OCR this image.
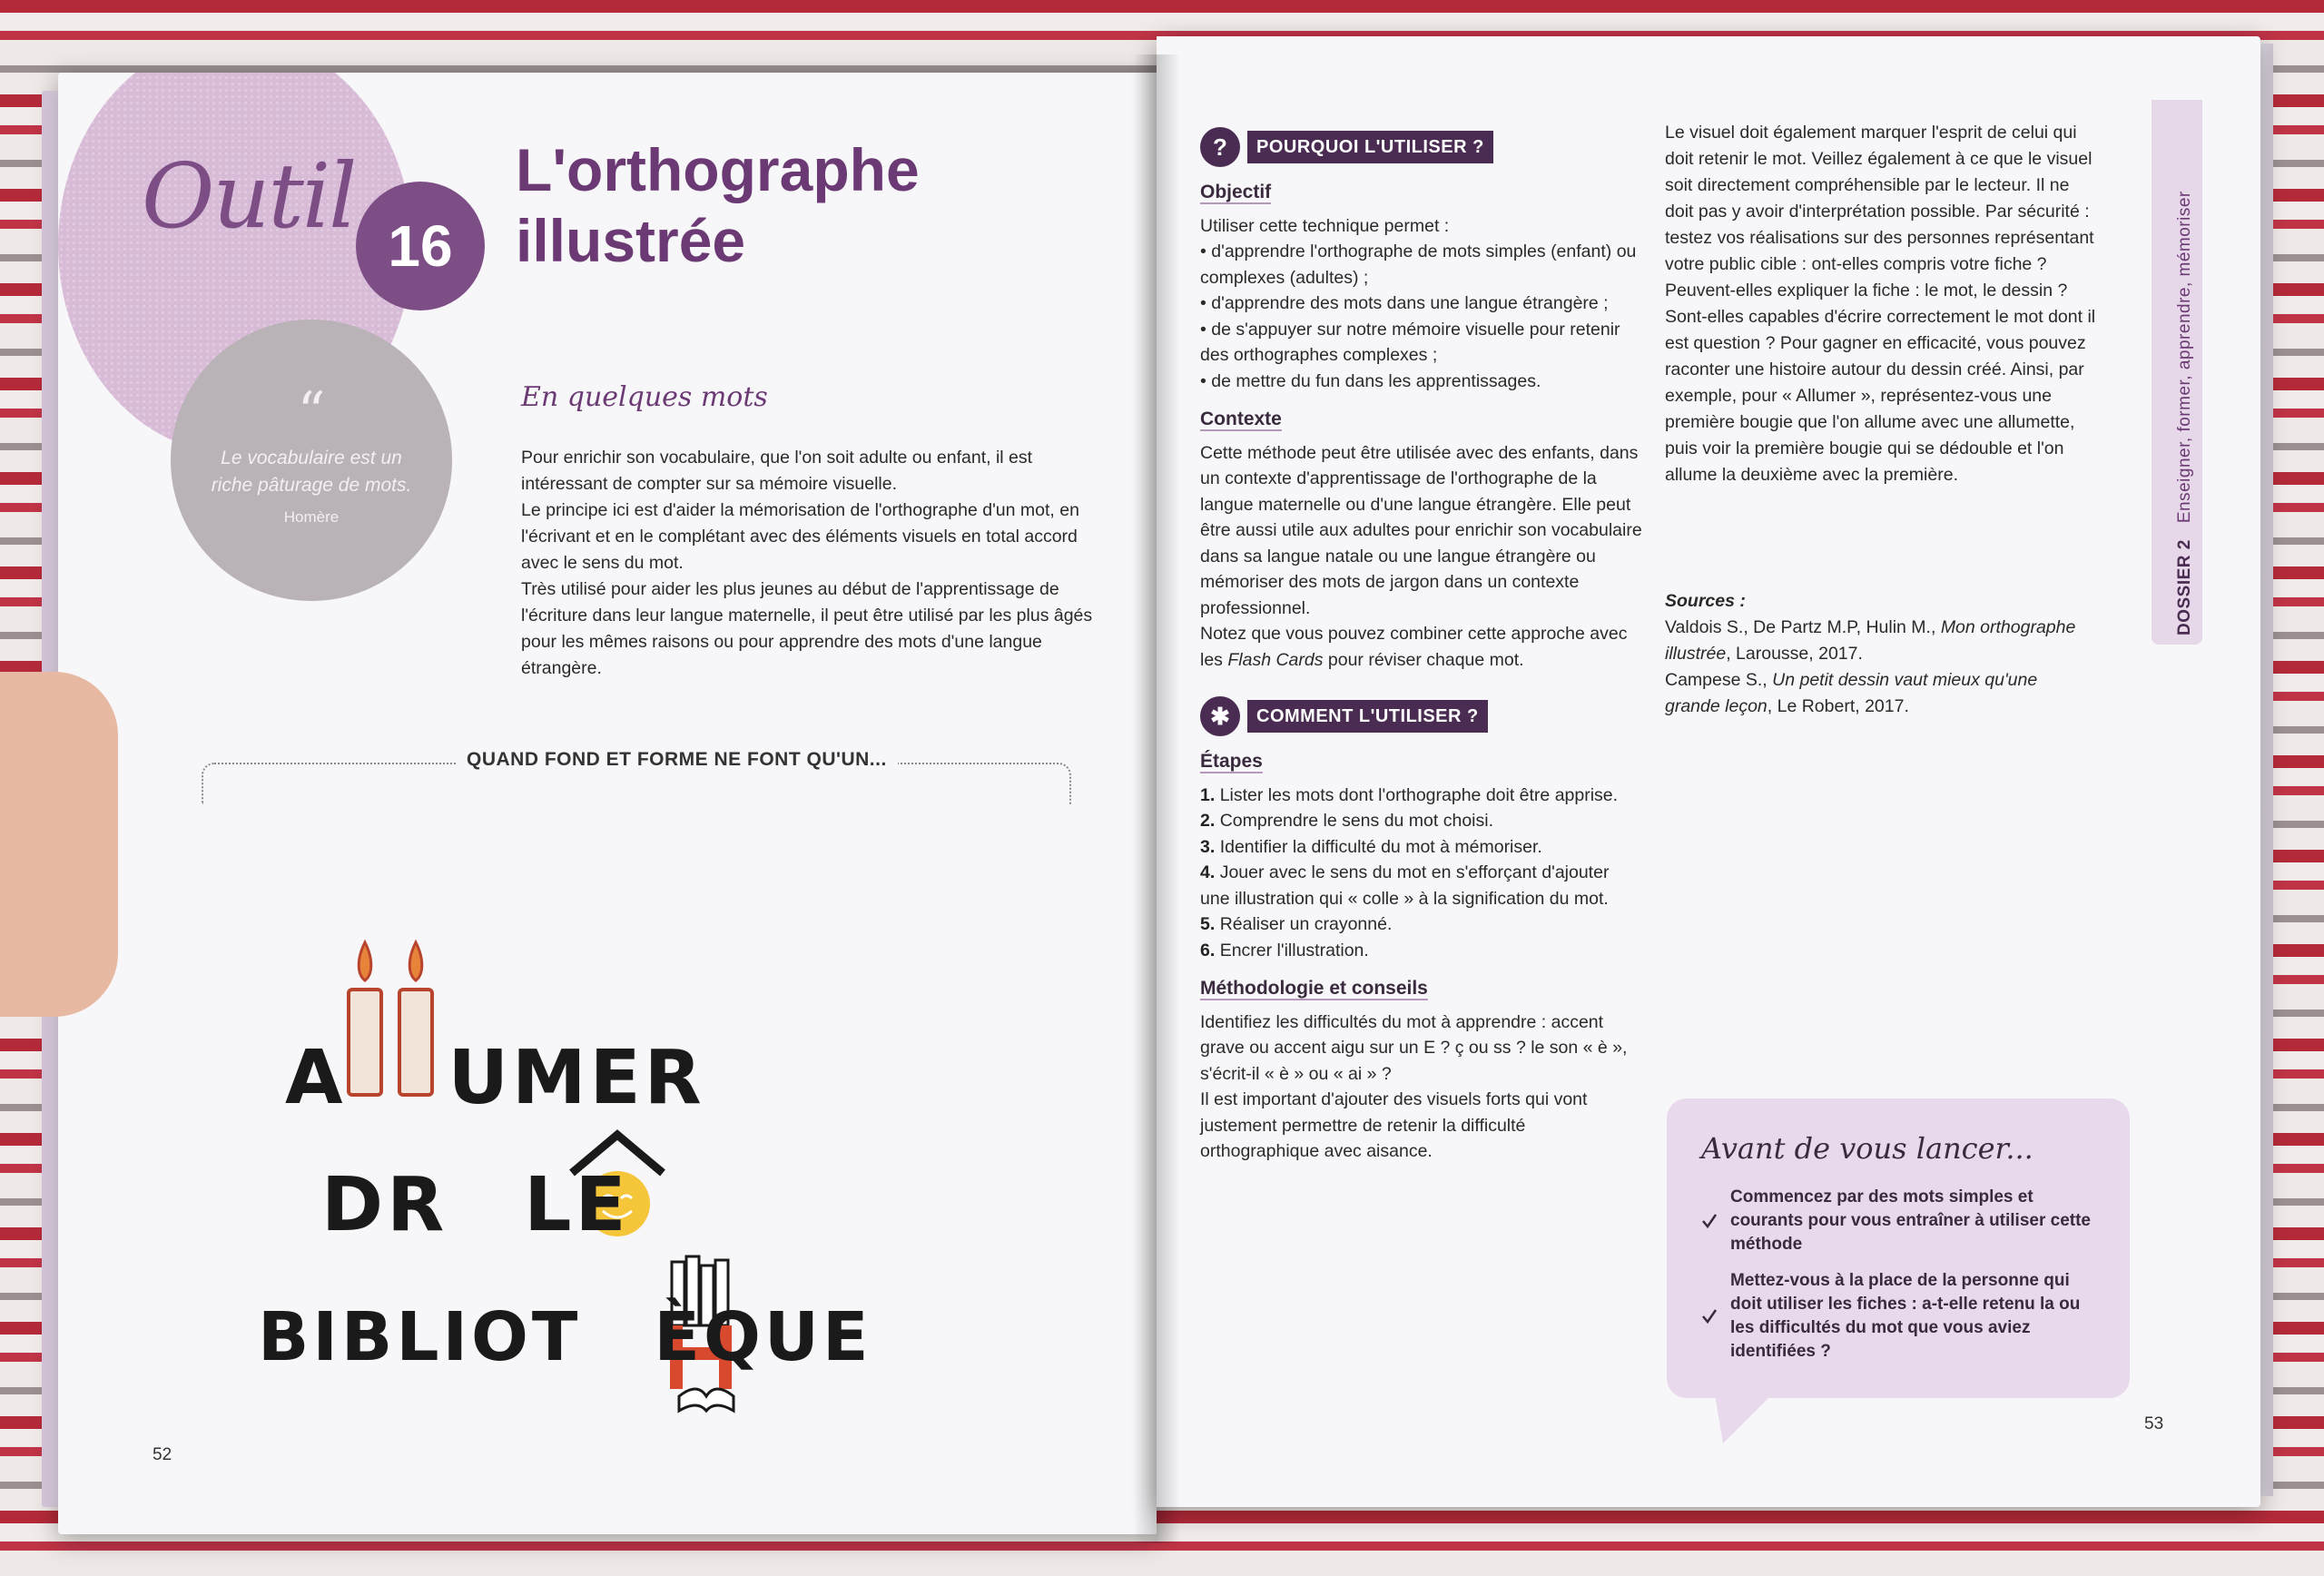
Outil 16
L'orthographe
illustrée
“
Le vocabulaire est un riche pâturage de mots.
Homère
En quelques mots

Pour enrichir son vocabulaire, que l'on soit adulte ou enfant, il est intéressant de compter sur sa mémoire visuelle.

Le principe ici est d'aider la mémorisation de l'orthographe d'un mot, en l'écrivant et en le complétant avec des éléments visuels en total accord avec le sens du mot.

Très utilisé pour aider les plus jeunes au début de l'apprentissage de l'écriture dans leur langue maternelle, il peut être utilisé par les plus âgés pour les mêmes raisons ou pour apprendre des mots d'une langue étrangère.

QUAND FOND ET FORME NE FONT QU'UN...
A UMER
DR LE
BIBLIOT ÈQUE
52
?	POURQUOI L'UTILISER ?
Objectif

Utiliser cette technique permet :

• d'apprendre l'orthographe de mots simples (enfant) ou complexes (adultes) ;

• d'apprendre des mots dans une langue étrangère ;

• de s'appuyer sur notre mémoire visuelle pour retenir des orthographes complexes ;

• de mettre du fun dans les apprentissages.

Contexte

Cette méthode peut être utilisée avec des enfants, dans un contexte d'apprentissage de l'orthographe de la langue maternelle ou d'une langue étrangère. Elle peut être aussi utile aux adultes pour enrichir son vocabulaire dans sa langue natale ou une langue étrangère ou mémoriser des mots de jargon dans un contexte professionnel.

Notez que vous pouvez combiner cette approche avec les Flash Cards pour réviser chaque mot.

✱	COMMENT L'UTILISER ?
Étapes

1. Lister les mots dont l'orthographe doit être apprise.

2. Comprendre le sens du mot choisi.

3. Identifier la difficulté du mot à mémoriser.

4. Jouer avec le sens du mot en s'efforçant d'ajouter une illustration qui « colle » à la signification du mot.

5. Réaliser un crayonné.

6. Encrer l'illustration.

Méthodologie et conseils

Identifiez les difficultés du mot à apprendre : accent grave ou accent aigu sur un E ? ç ou ss ? le son « è », s'écrit-il « è » ou « ai » ?

Il est important d'ajouter des visuels forts qui vont justement permettre de retenir la difficulté orthographique avec aisance.

Le visuel doit également marquer l'esprit de celui qui doit retenir le mot. Veillez également à ce que le visuel soit directement compréhensible par le lecteur. Il ne doit pas y avoir d'interprétation possible. Par sécurité : testez vos réalisations sur des personnes représentant votre public cible : ont-elles compris votre fiche ? Peuvent-elles expliquer la fiche : le mot, le dessin ? Sont-elles capables d'écrire correctement le mot dont il est question ? Pour gagner en efficacité, vous pouvez raconter une histoire autour du dessin créé. Ainsi, par exemple, pour « Allumer », représentez-vous une première bougie que l'on allume avec une allumette, puis voir la première bougie qui se dédouble et l'on allume la deuxième avec la première.

Sources :

Valdois S., De Partz M.P, Hulin M., Mon orthographe illustrée, Larousse, 2017.

Campese S., Un petit dessin vaut mieux qu'une grande leçon, Le Robert, 2017.

Avant de vous lancer...
Commencez par des mots simples et courants pour vous entraîner à utiliser cette méthode
Mettez-vous à la place de la personne qui doit utiliser les fiches : a-t-elle retenu la ou les difficultés du mot que vous aviez identifiées ?
DOSSIER 2Enseigner, former, apprendre, mémoriser
53
